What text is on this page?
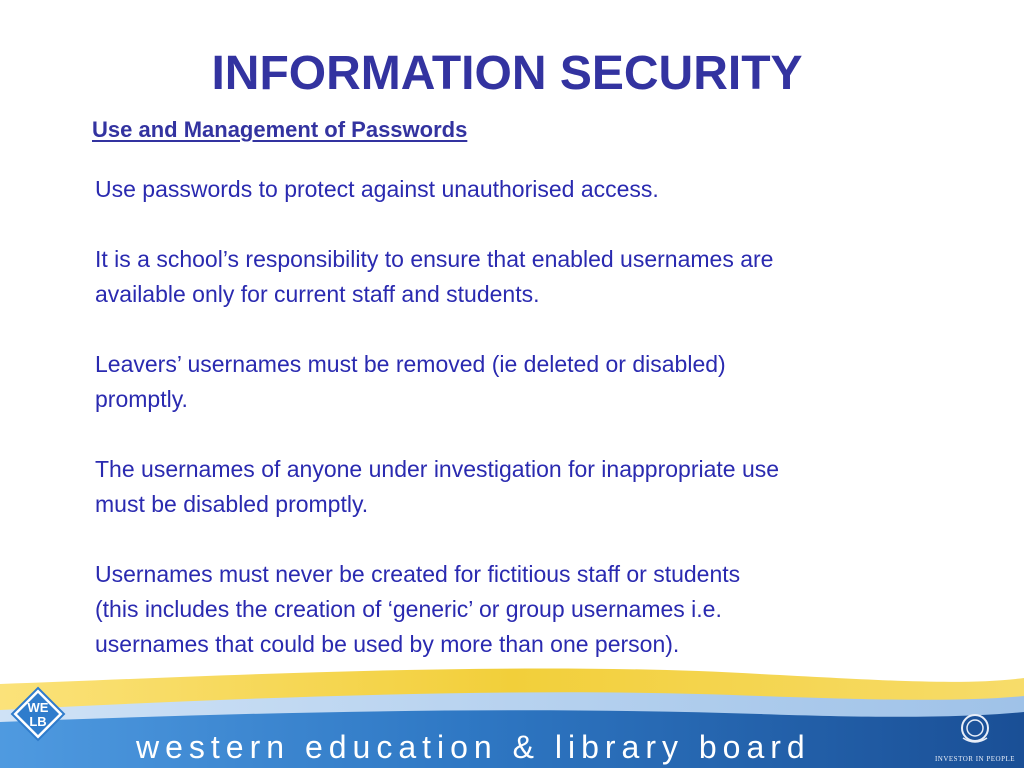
INFORMATION SECURITY
Use and Management of Passwords

Use passwords to protect against unauthorised access.

It is a school’s responsibility to ensure that enabled usernames are
available only for current staff and students.

Leavers’ usernames must be removed (ie deleted or disabled)
promptly.

The usernames of anyone under investigation for inappropriate use
must be disabled promptly.

Usernames must never be created for fictitious staff or students
(this includes the creation of ‘generic’ or group usernames i.e.
usernames that could be used by more than one person).

WE
LB

western education & library board	INVESTOR IN PEOPLE
